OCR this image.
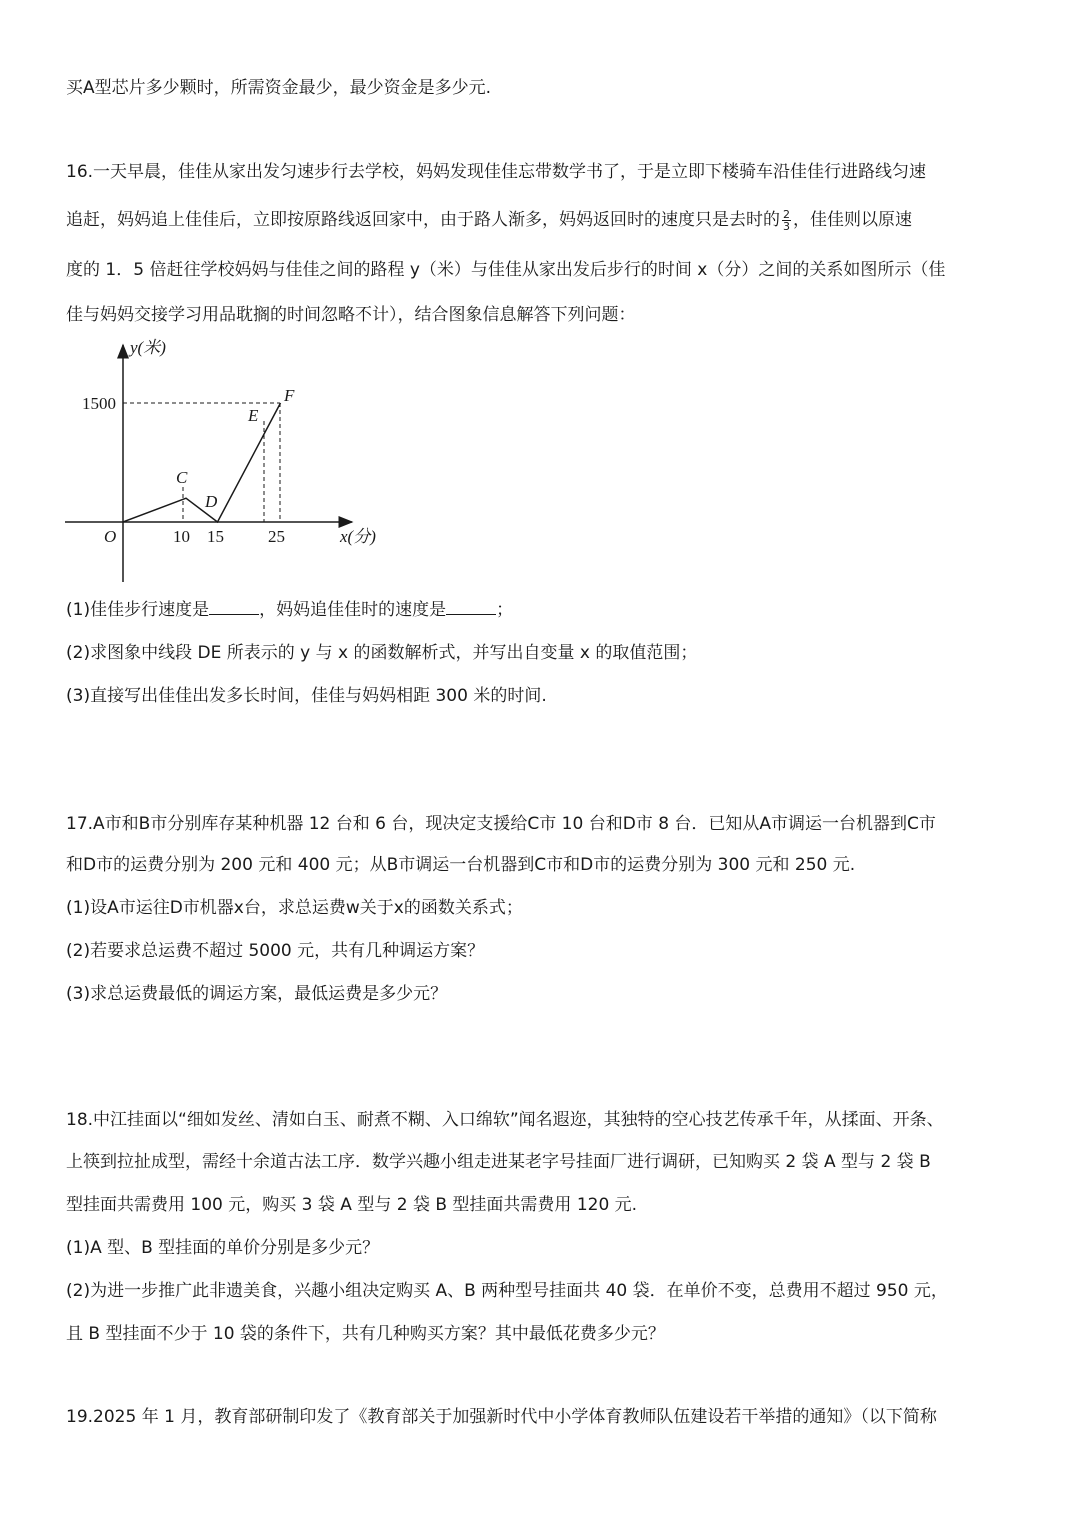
买A型芯片多少颗时，所需资金最少，最少资金是多少元.
16.一天早晨，佳佳从家出发匀速步行去学校，妈妈发现佳佳忘带数学书了，于是立即下楼骑车沿佳佳行进路线匀速
追赶，妈妈追上佳佳后，立即按原路线返回家中，由于路人渐多，妈妈返回时的速度只是去时的 $\frac{2}{3}$ ，佳佳则以原速
度的 1．5 倍赶往学校妈妈与佳佳之间的路程 y（米）与佳佳从家出发后步行的时间 x（分）之间的关系如图所示（佳
佳与妈妈交接学习用品耽搁的时间忽略不计），结合图象信息解答下列问题：
y(米)
1500
C
D
E
F
O	10 15	25	x(分)
(1)佳佳步行速度是	，妈妈追佳佳时的速度是	；
(2)求图象中线段 DE 所表示的 y 与 x 的函数解析式，并写出自变量 x 的取值范围；
(3)直接写出佳佳出发多长时间，佳佳与妈妈相距 300 米的时间.
17.A市和B市分别库存某种机器 12 台和 6 台，现决定支援给C市 10 台和D市 8 台．已知从A市调运一台机器到C市
和D市的运费分别为 200 元和 400 元；从B市调运一台机器到C市和D市的运费分别为 300 元和 250 元.
(1)设A市运往D市机器x台，求总运费w关于x的函数关系式；
(2)若要求总运费不超过 5000 元，共有几种调运方案？
(3)求总运费最低的调运方案，最低运费是多少元？
18.中江挂面以“细如发丝、清如白玉、耐煮不糊、入口绵软”闻名遐迩，其独特的空心技艺传承千年，从揉面、开条、
上筷到拉扯成型，需经十余道古法工序．数学兴趣小组走进某老字号挂面厂进行调研，已知购买 2 袋 A 型与 2 袋 B
型挂面共需费用 100 元，购买 3 袋 A 型与 2 袋 B 型挂面共需费用 120 元.
(1)A 型、B 型挂面的单价分别是多少元？
(2)为进一步推广此非遗美食，兴趣小组决定购买 A、B 两种型号挂面共 40 袋．在单价不变，总费用不超过 950 元，
且 B 型挂面不少于 10 袋的条件下，共有几种购买方案？其中最低花费多少元？
19.2025 年 1 月，教育部研制印发了《教育部关于加强新时代中小学体育教师队伍建设若干举措的通知》（以下简称
